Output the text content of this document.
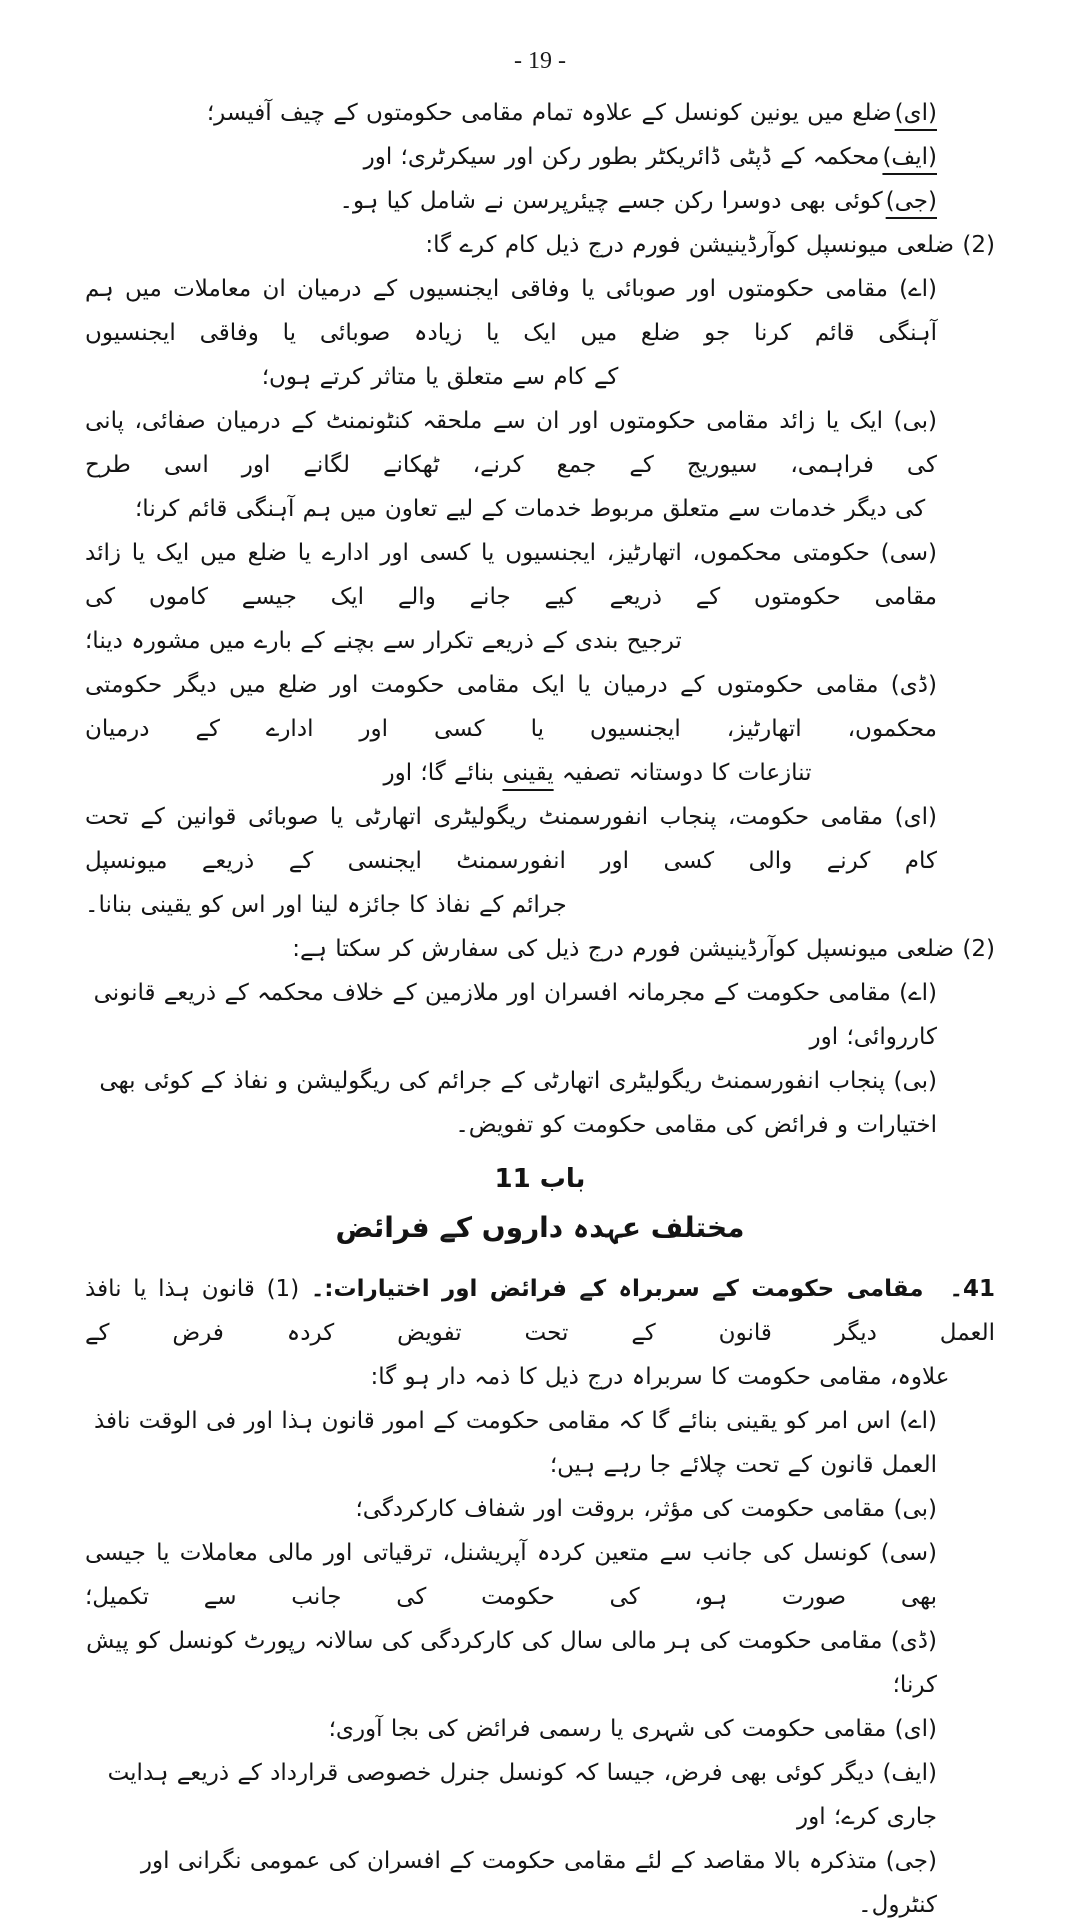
- 19 -
(ای)ضلع میں یونین کونسل کے علاوہ تمام مقامی حکومتوں کے چیف آفیسر؛
(ایف)محکمہ کے ڈپٹی ڈائریکٹر بطور رکن اور سیکرٹری؛ اور
(جی)کوئی بھی دوسرا رکن جسے چیئرپرسن نے شامل کیا ہو۔
(2) ضلعی میونسپل کوآرڈینیشن فورم درج ذیل کام کرے گا:
(اے) مقامی حکومتوں اور صوبائی یا وفاقی ایجنسیوں کے درمیان ان معاملات میں ہم آہنگی قائم کرنا جو ضلع میں ایک یا زیادہ صوبائی یا وفاقی ایجنسیوں
کے کام سے متعلق یا متاثر کرتے ہوں؛
(بی) ایک یا زائد مقامی حکومتوں اور ان سے ملحقہ کنٹونمنٹ کے درمیان صفائی، پانی کی فراہمی، سیوریج کے جمع کرنے، ٹھکانے لگانے اور اسی طرح
کی دیگر خدمات سے متعلق مربوط خدمات کے لیے تعاون میں ہم آہنگی قائم کرنا؛
(سی) حکومتی محکموں، اتھارٹیز، ایجنسیوں یا کسی اور ادارے یا ضلع میں ایک یا زائد مقامی حکومتوں کے ذریعے کیے جانے والے ایک جیسے کاموں کی
ترجیح بندی کے ذریعے تکرار سے بچنے کے بارے میں مشورہ دینا؛
(ڈی) مقامی حکومتوں کے درمیان یا ایک مقامی حکومت اور ضلع میں دیگر حکومتی محکموں، اتھارٹیز، ایجنسیوں یا کسی اور ادارے کے درمیان
تنازعات کا دوستانہ تصفیہ یقینی بنائے گا؛ اور
(ای) مقامی حکومت، پنجاب انفورسمنٹ ریگولیٹری اتھارٹی یا صوبائی قوانین کے تحت کام کرنے والی کسی اور انفورسمنٹ ایجنسی کے ذریعے میونسپل
جرائم کے نفاذ کا جائزہ لینا اور اس کو یقینی بنانا۔
(2) ضلعی میونسپل کوآرڈینیشن فورم درج ذیل کی سفارش کر سکتا ہے:
(اے) مقامی حکومت کے مجرمانہ افسران اور ملازمین کے خلاف محکمہ کے ذریعے قانونی کارروائی؛ اور
(بی) پنجاب انفورسمنٹ ریگولیٹری اتھارٹی کے جرائم کی ریگولیشن و نفاذ کے کوئی بھی اختیارات و فرائض کی مقامی حکومت کو تفویض۔
باب 11
مختلف عہدہ داروں کے فرائض
41۔مقامی حکومت کے سربراہ کے فرائض اور اختیارات:۔ (1) قانون ہذا یا نافذ العمل دیگر قانون کے تحت تفویض کردہ فرض کے
علاوہ، مقامی حکومت کا سربراہ درج ذیل کا ذمہ دار ہو گا:
(اے) اس امر کو یقینی بنائے گا کہ مقامی حکومت کے امور قانون ہذا اور فی الوقت نافذ العمل قانون کے تحت چلائے جا رہے ہیں؛
(بی) مقامی حکومت کی مؤثر، بروقت اور شفاف کارکردگی؛
(سی) کونسل کی جانب سے متعین کردہ آپریشنل، ترقیاتی اور مالی معاملات یا جیسی بھی صورت ہو، کی حکومت کی جانب سے تکمیل؛
(ڈی) مقامی حکومت کی ہر مالی سال کی کارکردگی کی سالانہ رپورٹ کونسل کو پیش کرنا؛
(ای) مقامی حکومت کی شہری یا رسمی فرائض کی بجا آوری؛
(ایف) دیگر کوئی بھی فرض، جیسا کہ کونسل جنرل خصوصی قرارداد کے ذریعے ہدایت جاری کرے؛ اور
(جی) متذکرہ بالا مقاصد کے لئے مقامی حکومت کے افسران کی عمومی نگرانی اور کنٹرول۔
